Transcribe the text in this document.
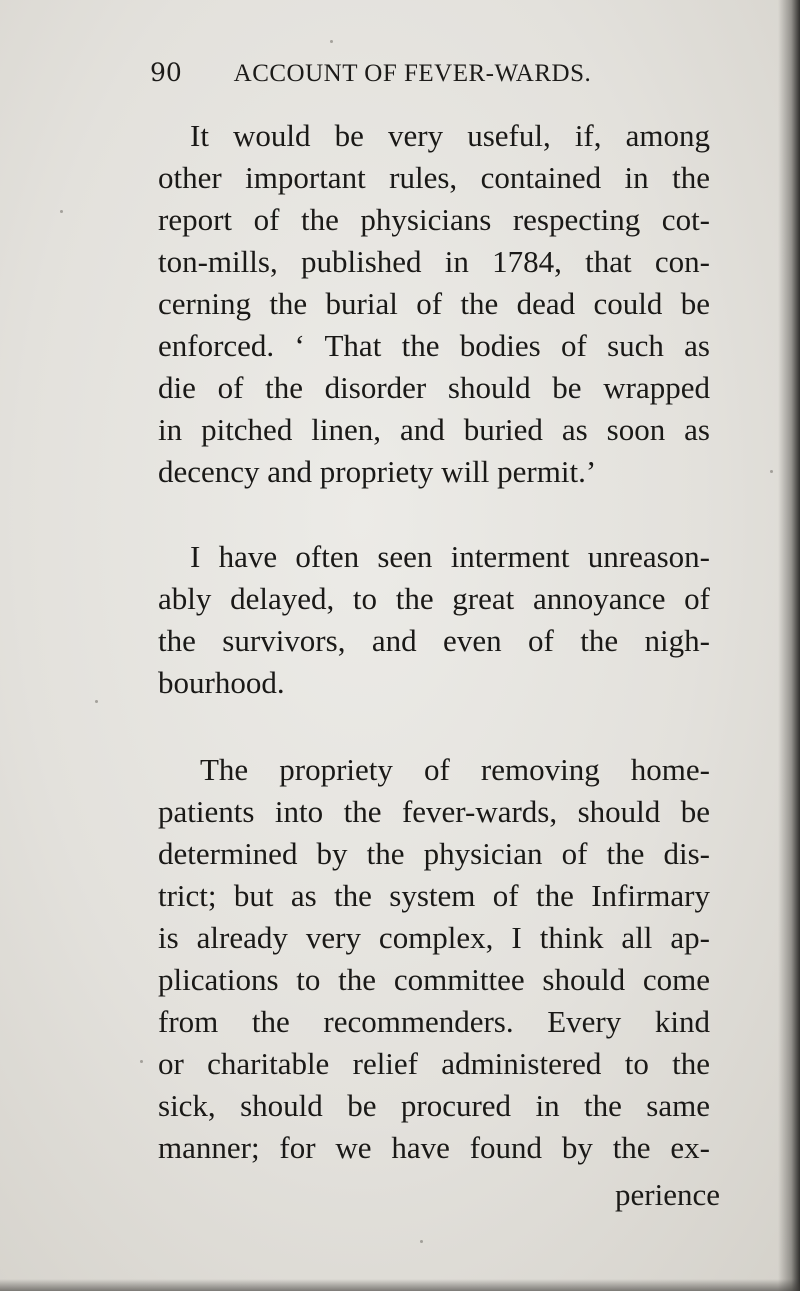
90 ACCOUNT OF FEVER-WARDS.
It would be very useful, if, among
other important rules, contained in the
report of the physicians respecting cot-
ton-mills, published in 1784, that con-
cerning the burial of the dead could be
enforced. ‘ That the bodies of such as
die of the disorder should be wrapped
in pitched linen, and buried as soon as
decency and propriety will permit.’
I have often seen interment unreason-
ably delayed, to the great annoyance of
the survivors, and even of the nigh-
bourhood.
The propriety of removing home-
patients into the fever-wards, should be
determined by the physician of the dis-
trict; but as the system of the Infirmary
is already very complex, I think all ap-
plications to the committee should come
from the recommenders. Every kind
or charitable relief administered to the
sick, should be procured in the same
manner; for we have found by the ex-
perience
